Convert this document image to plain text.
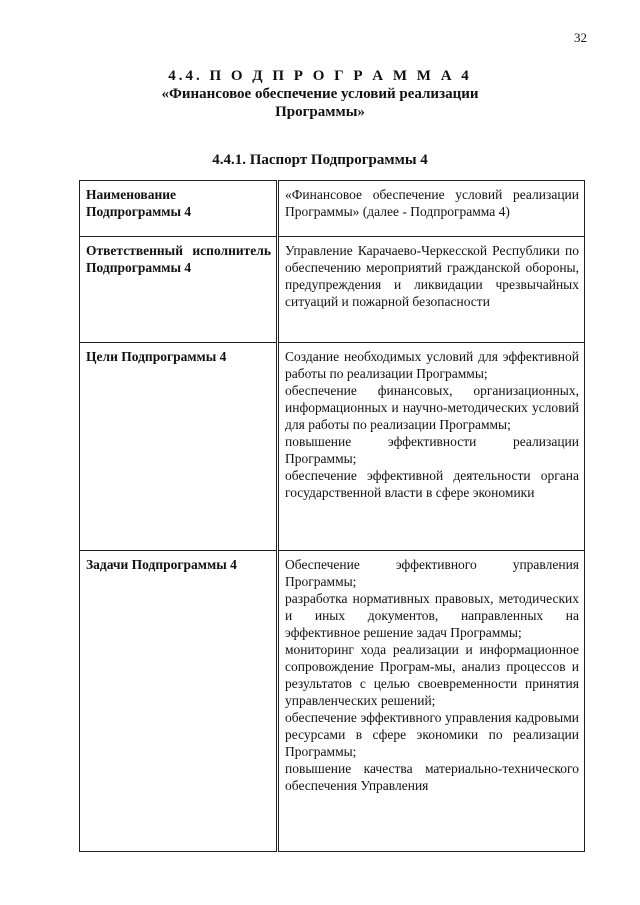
32
4.4. П О Д П Р О Г Р А М М А 4
«Финансовое обеспечение условий реализации
Программы»
4.4.1. Паспорт Подпрограммы 4
Наименование Подпрограммы 4	«Финансовое обеспечение условий реализации Программы» (далее - Подпрограмма 4)

Ответственный исполнитель Подпрограммы 4	Управление Карачаево-Черкесской Республики по обеспечению мероприятий гражданской обороны, предупреждения и ликвидации чрезвычайных ситуаций и пожарной безопасности

Цели Подпрограммы 4	Создание необходимых условий для эффективной работы по реализации Программы;
обеспечение финансовых, организационных, информационных и научно-методических условий для работы по реализации Программы;
повышение эффективности реализации Программы;
обеспечение эффективной деятельности органа государственной власти в сфере экономики

Задачи Подпрограммы 4	Обеспечение эффективного управления Программы;
разработка нормативных правовых, методических и иных документов, направленных на эффективное решение задач Программы;
мониторинг хода реализации и информационное сопровождение Програм-мы, анализ процессов и результатов с целью своевременности принятия управленческих решений;
обеспечение эффективного управления кадровыми ресурсами в сфере экономики по реализации Программы;
повышение качества материально-технического обеспечения Управления
